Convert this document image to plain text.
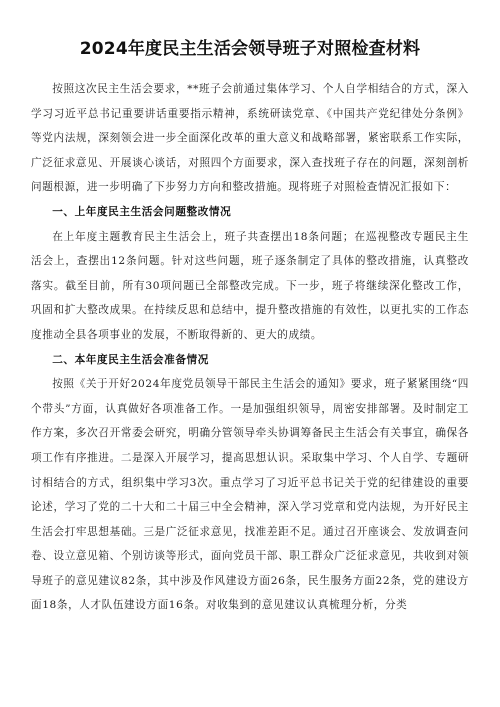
2024年度民主生活会领导班子对照检查材料

按照这次民主生活会要求，**班子会前通过集体学习、个人自学相结合的方式，深入学习习近平总书记重要讲话重要指示精神，系统研读党章、《中国共产党纪律处分条例》等党内法规，深刻领会进一步全面深化改革的重大意义和战略部署，紧密联系工作实际，广泛征求意见、开展谈心谈话，对照四个方面要求，深入查找班子存在的问题，深刻剖析问题根源，进一步明确了下步努力方向和整改措施。现将班子对照检查情况汇报如下：

一、上年度民主生活会问题整改情况

在上年度主题教育民主生活会上，班子共查摆出18条问题；在巡视整改专题民主生活会上，查摆出12条问题。针对这些问题，班子逐条制定了具体的整改措施，认真整改落实。截至目前，所有30项问题已全部整改完成。下一步，班子将继续深化整改工作，巩固和扩大整改成果。在持续反思和总结中，提升整改措施的有效性，以更扎实的工作态度推动全县各项事业的发展，不断取得新的、更大的成绩。

二、本年度民主生活会准备情况

按照《关于开好2024年度党员领导干部民主生活会的通知》要求，班子紧紧围绕“四个带头”方面，认真做好各项准备工作。一是加强组织领导，周密安排部署。及时制定工作方案，多次召开常委会研究，明确分管领导牵头协调筹备民主生活会有关事宜，确保各项工作有序推进。二是深入开展学习，提高思想认识。采取集中学习、个人自学、专题研讨相结合的方式，组织集中学习3次。重点学习了习近平总书记关于党的纪律建设的重要论述，学习了党的二十大和二十届三中全会精神，深入学习党章和党内法规，为开好民主生活会打牢思想基础。三是广泛征求意见，找准差距不足。通过召开座谈会、发放调查问卷、设立意见箱、个别访谈等形式，面向党员干部、职工群众广泛征求意见，共收到对领导班子的意见建议82条，其中涉及作风建设方面26条，民生服务方面22条，党的建设方面18条，人才队伍建设方面16条。对收集到的意见建议认真梳理分析，分类
